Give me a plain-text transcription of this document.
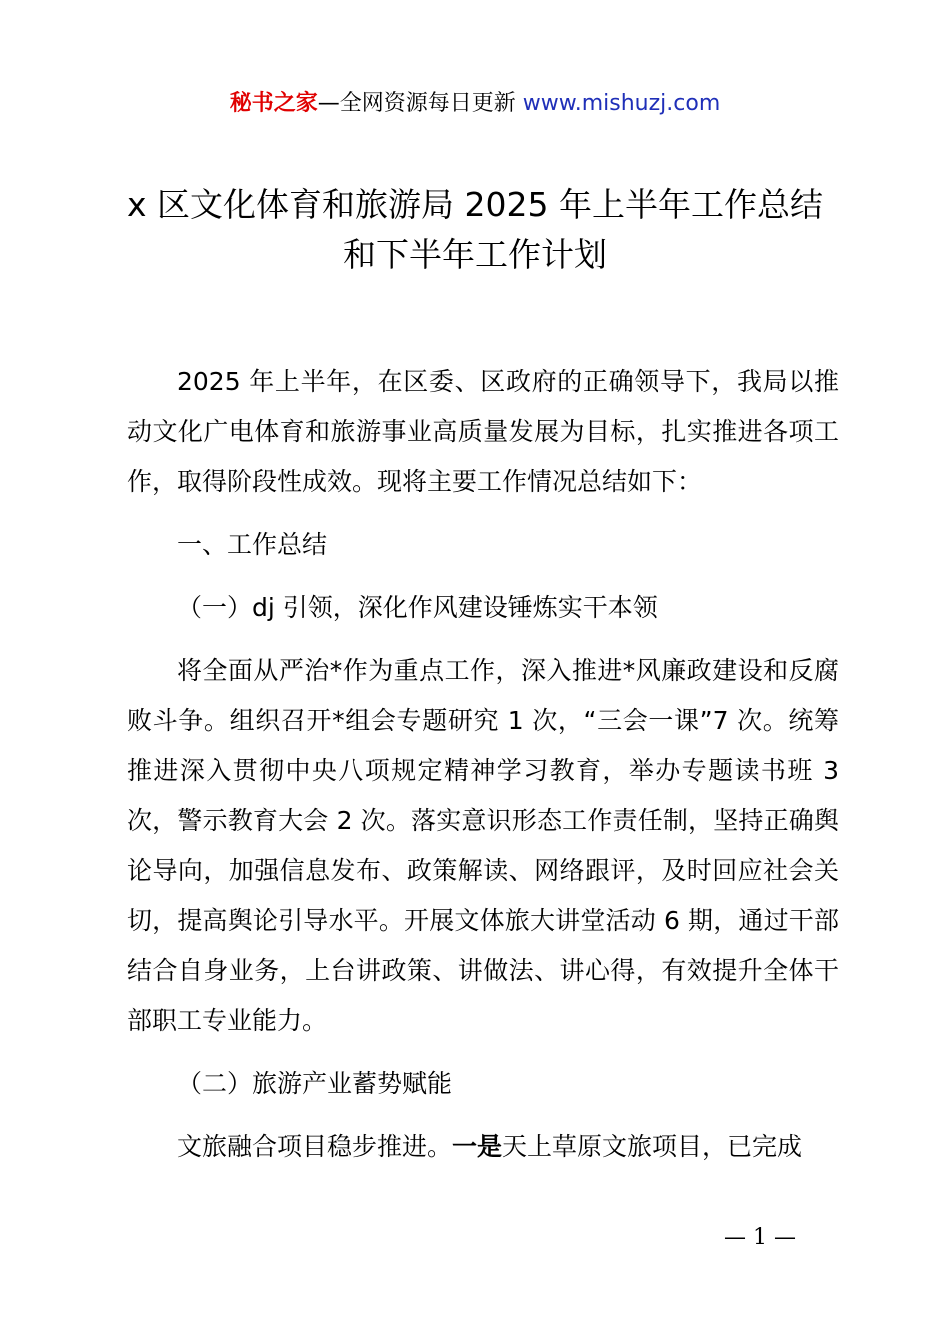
秘书之家—全网资源每日更新 www.mishuzj.com
x 区文化体育和旅游局 2025 年上半年工作总结
和下半年工作计划

2025 年上半年，在区委、区政府的正确领导下，我局以推动文化广电体育和旅游事业高质量发展为目标，扎实推进各项工作，取得阶段性成效。现将主要工作情况总结如下：

一、工作总结

（一）dj 引领，深化作风建设锤炼实干本领

将全面从严治*作为重点工作，深入推进*风廉政建设和反腐败斗争。组织召开*组会专题研究 1 次，“三会一课”7 次。统筹推进深入贯彻中央八项规定精神学习教育，举办专题读书班 3 次，警示教育大会 2 次。落实意识形态工作责任制，坚持正确舆论导向，加强信息发布、政策解读、网络跟评，及时回应社会关切，提高舆论引导水平。开展文体旅大讲堂活动 6 期，通过干部结合自身业务，上台讲政策、讲做法、讲心得，有效提升全体干部职工专业能力。

（二）旅游产业蓄势赋能

文旅融合项目稳步推进。一是天上草原文旅项目，已完成

— 1 —
